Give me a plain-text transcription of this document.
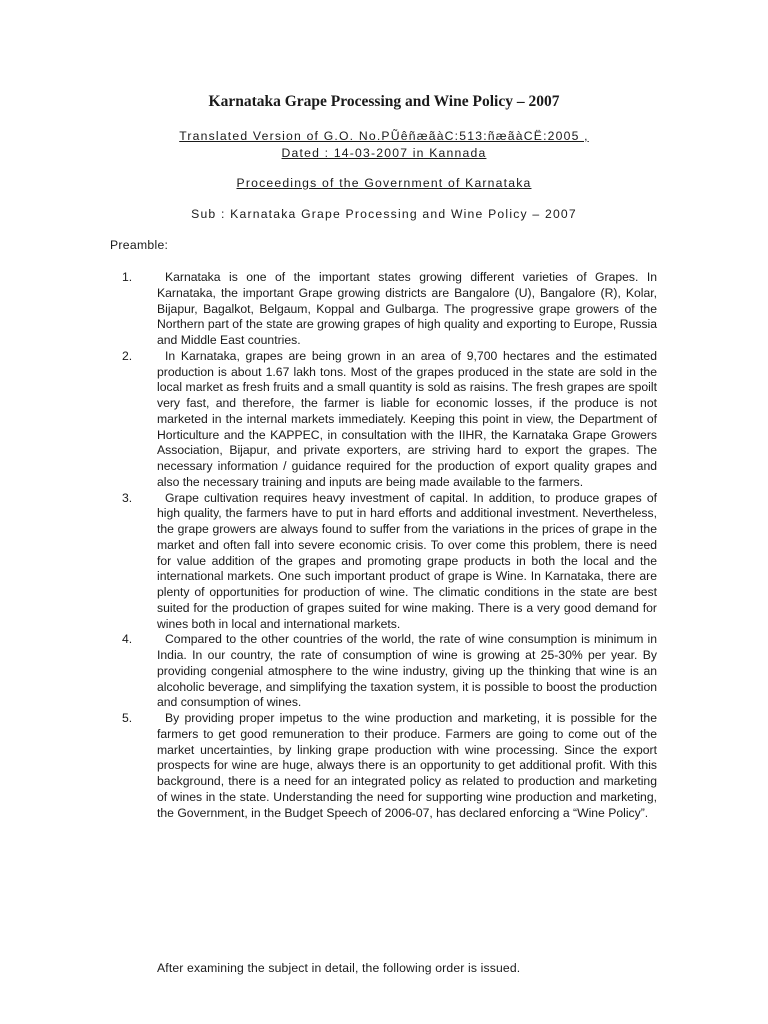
Karnataka Grape Processing and Wine Policy – 2007
Translated Version of G.O. No.PŨêñæãàC:513:ñæãàCË:2005 ,
Dated : 14-03-2007 in Kannada
Proceedings of the Government of Karnataka
Sub : Karnataka Grape Processing and Wine Policy – 2007
Preamble:
1.	Karnataka is one of the important states growing different varieties of Grapes. In Karnataka, the important Grape growing districts are Bangalore (U), Bangalore (R), Kolar, Bijapur, Bagalkot, Belgaum, Koppal and Gulbarga. The progressive grape growers of the Northern part of the state are growing grapes of high quality and exporting to Europe, Russia and Middle East countries.
2.	In Karnataka, grapes are being grown in an area of 9,700 hectares and the estimated production is about 1.67 lakh tons. Most of the grapes produced in the state are sold in the local market as fresh fruits and a small quantity is sold as raisins. The fresh grapes are spoilt very fast, and therefore, the farmer is liable for economic losses, if the produce is not marketed in the internal markets immediately. Keeping this point in view, the Department of Horticulture and the KAPPEC, in consultation with the IIHR, the Karnataka Grape Growers Association, Bijapur, and private exporters, are striving hard to export the grapes. The necessary information / guidance required for the production of export quality grapes and also the necessary training and inputs are being made available to the farmers.
3.	Grape cultivation requires heavy investment of capital. In addition, to produce grapes of high quality, the farmers have to put in hard efforts and additional investment. Nevertheless, the grape growers are always found to suffer from the variations in the prices of grape in the market and often fall into severe economic crisis. To over come this problem, there is need for value addition of the grapes and promoting grape products in both the local and the international markets. One such important product of grape is Wine. In Karnataka, there are plenty of opportunities for production of wine. The climatic conditions in the state are best suited for the production of grapes suited for wine making. There is a very good demand for wines both in local and international markets.
4.	Compared to the other countries of the world, the rate of wine consumption is minimum in India. In our country, the rate of consumption of wine is growing at 25-30% per year. By providing congenial atmosphere to the wine industry, giving up the thinking that wine is an alcoholic beverage, and simplifying the taxation system, it is possible to boost the production and consumption of wines.
5.	By providing proper impetus to the wine production and marketing, it is possible for the farmers to get good remuneration to their produce. Farmers are going to come out of the market uncertainties, by linking grape production with wine processing. Since the export prospects for wine are huge, always there is an opportunity to get additional profit. With this background, there is a need for an integrated policy as related to production and marketing of wines in the state. Understanding the need for supporting wine production and marketing, the Government, in the Budget Speech of 2006-07, has declared enforcing a “Wine Policy”.
After examining the subject in detail, the following order is issued.
